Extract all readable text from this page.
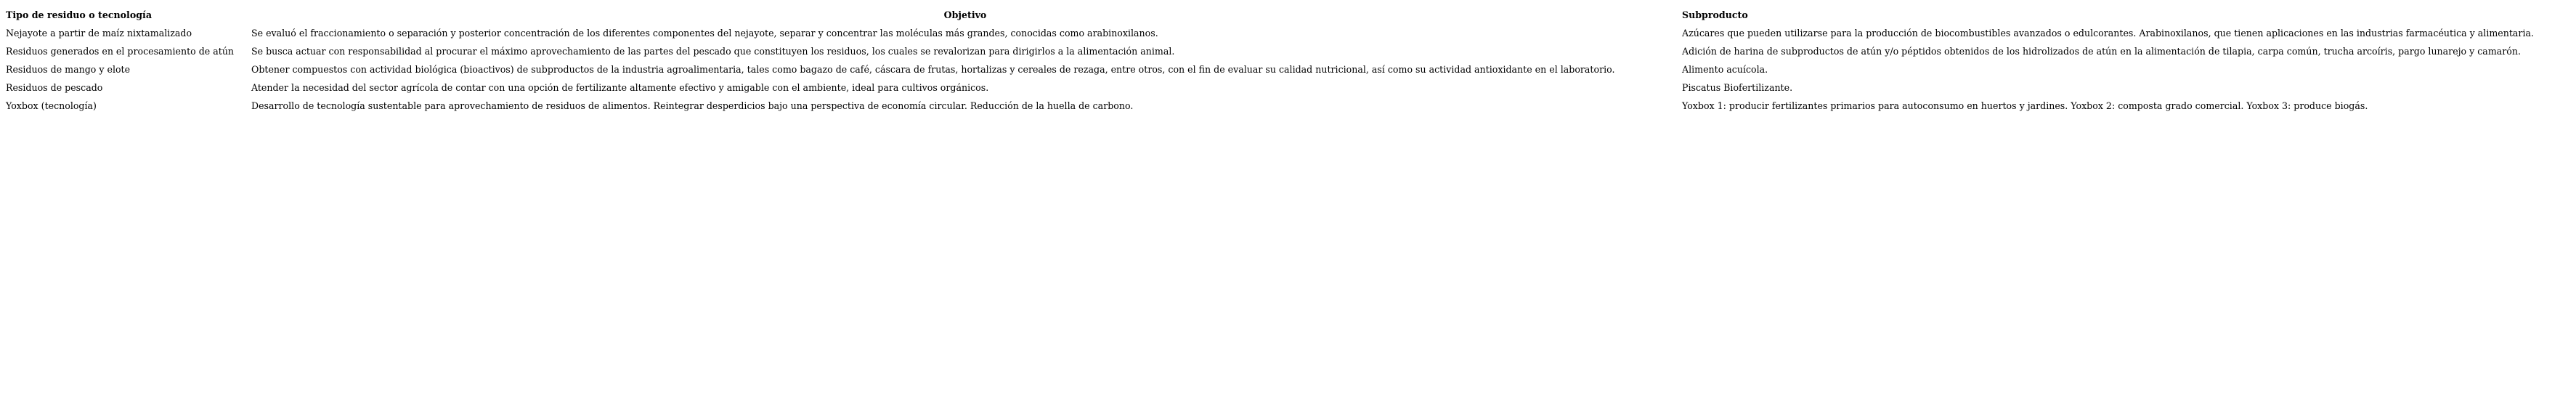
Tipo de residuo o tecnología	Objetivo	Subproducto
Nejayote a partir de maíz nixtamalizado	Se evaluó el fraccionamiento o separación y posterior concentración de los diferentes componentes del nejayote, separar y concentrar las moléculas más grandes, conocidas como arabinoxilanos.	Azúcares que pueden utilizarse para la producción de biocombustibles avanzados o edulcorantes. Arabinoxilanos, que tienen aplicaciones en las industrias farmacéutica y alimentaria.
Residuos generados en el procesamiento de atún	Se busca actuar con responsabilidad al procurar el máximo aprovechamiento de las partes del pescado que constituyen los residuos, los cuales se revalorizan para dirigirlos a la alimentación animal.	Adición de harina de subproductos de atún y/o péptidos obtenidos de los hidrolizados de atún en la alimentación de tilapia, carpa común, trucha arcoíris, pargo lunarejo y camarón.
Residuos de mango y elote	Obtener compuestos con actividad biológica (bioactivos) de subproductos de la industria agroalimentaria, tales como bagazo de café, cáscara de frutas, hortalizas y cereales de rezaga, entre otros, con el fin de evaluar su calidad nutricional, así como su actividad antioxidante en el laboratorio.	Alimento acuícola.
Residuos de pescado	Atender la necesidad del sector agrícola de contar con una opción de fertilizante altamente efectivo y amigable con el ambiente, ideal para cultivos orgánicos.	Piscatus Biofertilizante.
Yoxbox (tecnología)	Desarrollo de tecnología sustentable para aprovechamiento de residuos de alimentos. Reintegrar desperdicios bajo una perspectiva de economía circular. Reducción de la huella de carbono.	Yoxbox 1: producir fertilizantes primarios para autoconsumo en huertos y jardines. Yoxbox 2: composta grado comercial. Yoxbox 3: produce biogás.
